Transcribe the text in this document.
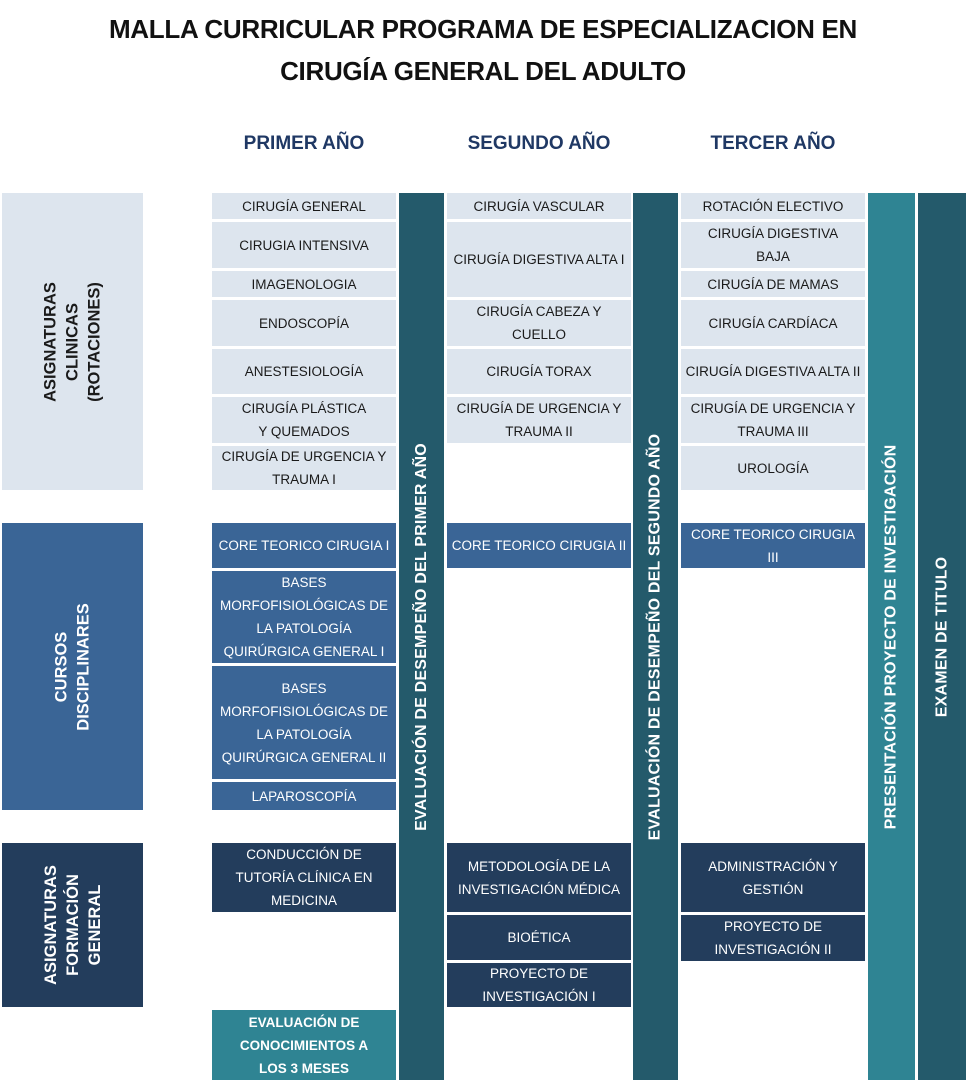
MALLA CURRICULAR PROGRAMA DE ESPECIALIZACION EN
CIRUGÍA GENERAL DEL ADULTO
PRIMER AÑO	SEGUNDO AÑO	TERCER AÑO
ASIGNATURAS CLINICAS
(ROTACIONES)
CURSOS DISCIPLINARES
ASIGNATURAS
FORMACIÓN
GENERAL
CIRUGÍA GENERAL
CIRUGIA INTENSIVA
IMAGENOLOGIA
ENDOSCOPÍA
ANESTESIOLOGÍA
CIRUGÍA PLÁSTICA Y QUEMADOS
CIRUGÍA DE URGENCIA Y TRAUMA I
CORE TEORICO CIRUGIA I
BASES MORFOFISIOLÓGICAS DE LA PATOLOGÍA QUIRÚRGICA GENERAL I
BASES MORFOFISIOLÓGICAS DE LA PATOLOGÍA QUIRÚRGICA GENERAL II
LAPAROSCOPÍA
CONDUCCIÓN DE TUTORÍA CLÍNICA EN MEDICINA
EVALUACIÓN DE CONOCIMIENTOS A LOS 3 MESES
CIRUGÍA VASCULAR
CIRUGÍA DIGESTIVA ALTA I
CIRUGÍA CABEZA Y CUELLO
CIRUGÍA TORAX
CIRUGÍA DE URGENCIA Y TRAUMA II
CORE TEORICO CIRUGIA II
METODOLOGÍA DE LA INVESTIGACIÓN MÉDICA
BIOÉTICA
PROYECTO DE INVESTIGACIÓN I
ROTACIÓN ELECTIVO
CIRUGÍA DIGESTIVA BAJA
CIRUGÍA DE MAMAS
CIRUGÍA CARDÍACA
CIRUGÍA DIGESTIVA ALTA II
CIRUGÍA DE URGENCIA Y TRAUMA III
UROLOGÍA
CORE TEORICO CIRUGIA III
ADMINISTRACIÓN Y GESTIÓN
PROYECTO DE INVESTIGACIÓN II
EVALUACIÓN DE DESEMPEÑO DEL PRIMER AÑO	EVALUACIÓN DE DESEMPEÑO DEL SEGUNDO AÑO	PRESENTACIÓN PROYECTO DE INVESTIGACIÓN EXAMEN DE TITULO
